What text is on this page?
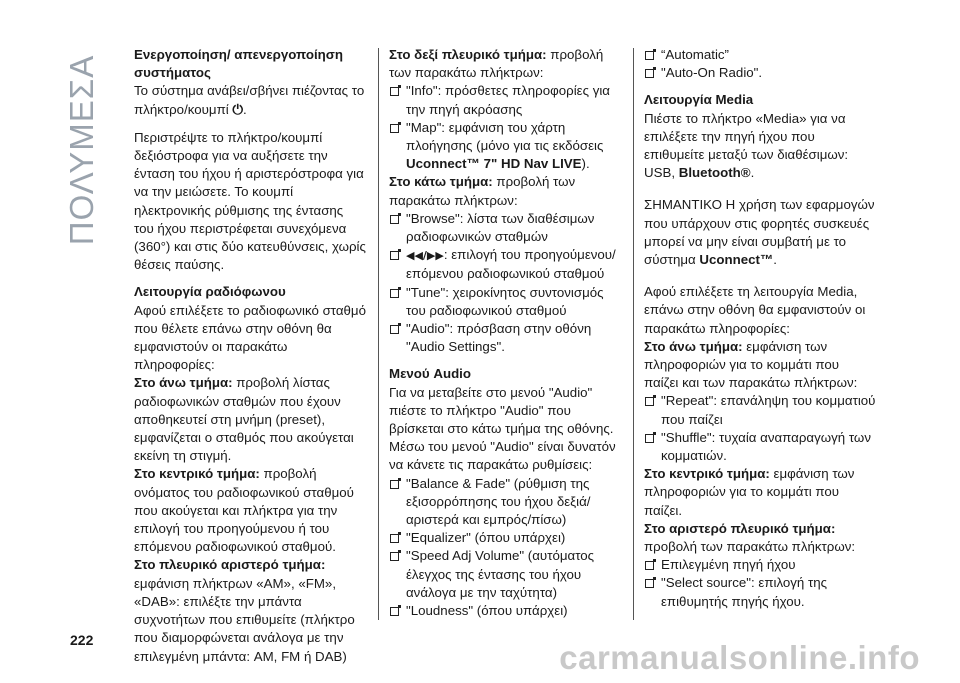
ΠΟΛΥΜΕΣΑ
Ενεργοποίηση/ απενεργοποίηση συστήματος

Το σύστημα ανάβει/σβήνει πιέζοντας το πλήκτρο/κουμπί ⏻.

Περιστρέψτε το πλήκτρο/κουμπί δεξιόστροφα για να αυξήσετε την ένταση του ήχου ή αριστερόστροφα για να την μειώσετε. Το κουμπί ηλεκτρονικής ρύθμισης της έντασης του ήχου περιστρέφεται συνεχόμενα (360°) και στις δύο κατευθύνσεις, χωρίς θέσεις παύσης.

Λειτουργία ραδιόφωνου

Αφού επιλέξετε το ραδιοφωνικό σταθμό που θέλετε επάνω στην οθόνη θα εμφανιστούν οι παρακάτω πληροφορίες:

Στο άνω τμήμα: προβολή λίστας ραδιοφωνικών σταθμών που έχουν αποθηκευτεί στη μνήμη (preset), εμφανίζεται ο σταθμός που ακούγεται εκείνη τη στιγμή.

Στο κεντρικό τμήμα: προβολή ονόματος του ραδιοφωνικού σταθμού που ακούγεται και πλήκτρα για την επιλογή του προηγούμενου ή του επόμενου ραδιοφωνικού σταθμού.

Στο πλευρικό αριστερό τμήμα:

εμφάνιση πλήκτρων «AM», «FM», «DAB»: επιλέξτε την μπάντα συχνοτήτων που επιθυμείτε (πλήκτρο που διαμορφώνεται ανάλογα με την επιλεγμένη μπάντα: AM, FM ή DAB)

Στο δεξί πλευρικό τμήμα: προβολή των παρακάτω πλήκτρων:

"Info": πρόσθετες πληροφορίες για την πηγή ακρόασης
"Map": εμφάνιση του χάρτη πλοήγησης (μόνο για τις εκδόσεις Uconnect™ 7" HD Nav LIVE).

Στο κάτω τμήμα: προβολή των παρακάτω πλήκτρων:

"Browse": λίστα των διαθέσιμων ραδιοφωνικών σταθμών
◀◀/▶▶: επιλογή του προηγούμενου/επόμενου ραδιοφωνικού σταθμού
"Tune": χειροκίνητος συντονισμός του ραδιοφωνικού σταθμού
"Audio": πρόσβαση στην οθόνη "Audio Settings".
Μενού Audio

Για να μεταβείτε στο μενού "Audio" πιέστε το πλήκτρο "Audio" που βρίσκεται στο κάτω τμήμα της οθόνης. Μέσω του μενού "Audio" είναι δυνατόν να κάνετε τις παρακάτω ρυθμίσεις:

"Balance & Fade" (ρύθμιση της εξισορρόπησης του ήχου δεξιά/αριστερά και εμπρός/πίσω)
"Equalizer" (όπου υπάρχει)
"Speed Adj Volume" (αυτόματος έλεγχος της έντασης του ήχου ανάλογα με την ταχύτητα)
"Loudness" (όπου υπάρχει)
“Automatic”
"Auto-On Radio".
Λειτουργία Media

Πιέστε το πλήκτρο «Media» για να επιλέξετε την πηγή ήχου που επιθυμείτε μεταξύ των διαθέσιμων: USB, Bluetooth®.

ΣΗΜΑΝΤΙΚΟ Η χρήση των εφαρμογών που υπάρχουν στις φορητές συσκευές μπορεί να μην είναι συμβατή με το σύστημα Uconnect™.

Αφού επιλέξετε τη λειτουργία Media, επάνω στην οθόνη θα εμφανιστούν οι παρακάτω πληροφορίες:

Στο άνω τμήμα: εμφάνιση των πληροφοριών για το κομμάτι που παίζει και των παρακάτω πλήκτρων:

"Repeat": επανάληψη του κομματιού που παίζει
"Shuffle": τυχαία αναπαραγωγή των κομματιών.

Στο κεντρικό τμήμα: εμφάνιση των πληροφοριών για το κομμάτι που παίζει.

Στο αριστερό πλευρικό τμήμα:

προβολή των παρακάτω πλήκτρων:

Επιλεγμένη πηγή ήχου
"Select source": επιλογή της επιθυμητής πηγής ήχου.
222	carmanualsonline.info
